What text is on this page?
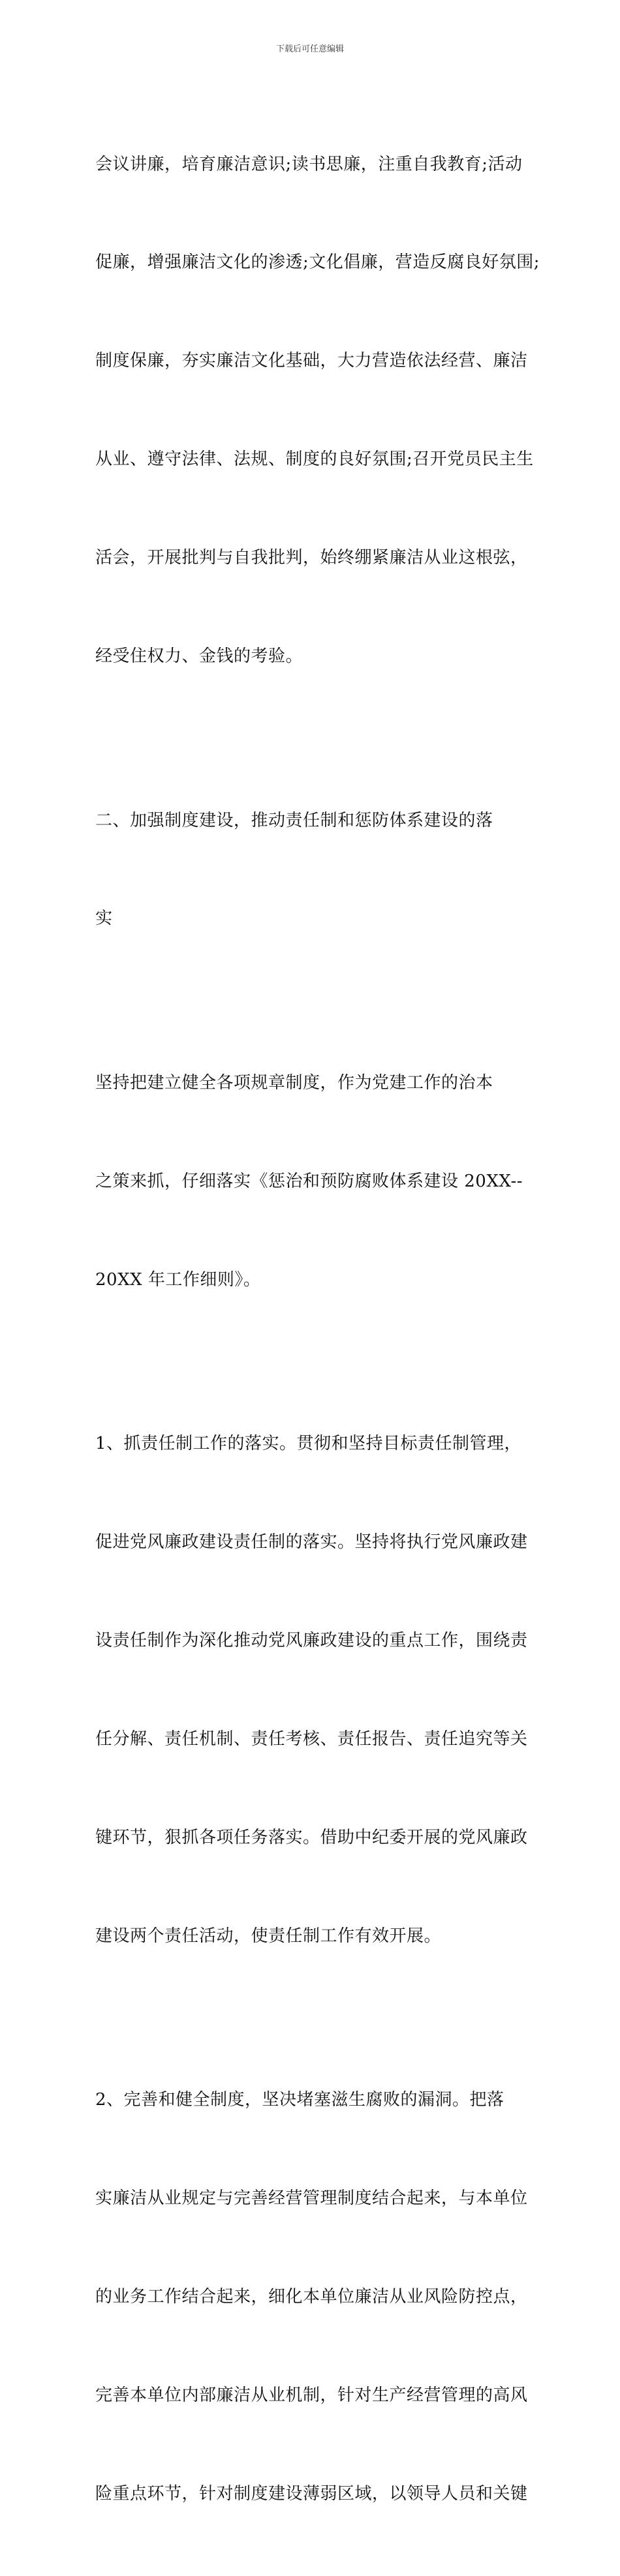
下载后可任意编辑

会议讲廉，培育廉洁意识;读书思廉，注重自我教育;活动

促廉，增强廉洁文化的渗透;文化倡廉，营造反腐良好氛围;

制度保廉，夯实廉洁文化基础，大力营造依法经营、廉洁

从业、遵守法律、法规、制度的良好氛围;召开党员民主生

活会，开展批判与自我批判，始终绷紧廉洁从业这根弦，

经受住权力、金钱的考验。

二、加强制度建设，推动责任制和惩防体系建设的落

实

坚持把建立健全各项规章制度，作为党建工作的治本

之策来抓，仔细落实《惩治和预防腐败体系建设 20XX--

20XX 年工作细则》。

1、抓责任制工作的落实。贯彻和坚持目标责任制管理，

促进党风廉政建设责任制的落实。坚持将执行党风廉政建

设责任制作为深化推动党风廉政建设的重点工作，围绕责

任分解、责任机制、责任考核、责任报告、责任追究等关

键环节，狠抓各项任务落实。借助中纪委开展的党风廉政

建设两个责任活动，使责任制工作有效开展。

2、完善和健全制度，坚决堵塞滋生腐败的漏洞。把落

实廉洁从业规定与完善经营管理制度结合起来，与本单位

的业务工作结合起来，细化本单位廉洁从业风险防控点，

完善本单位内部廉洁从业机制，针对生产经营管理的高风

险重点环节，针对制度建设薄弱区域，以领导人员和关键
